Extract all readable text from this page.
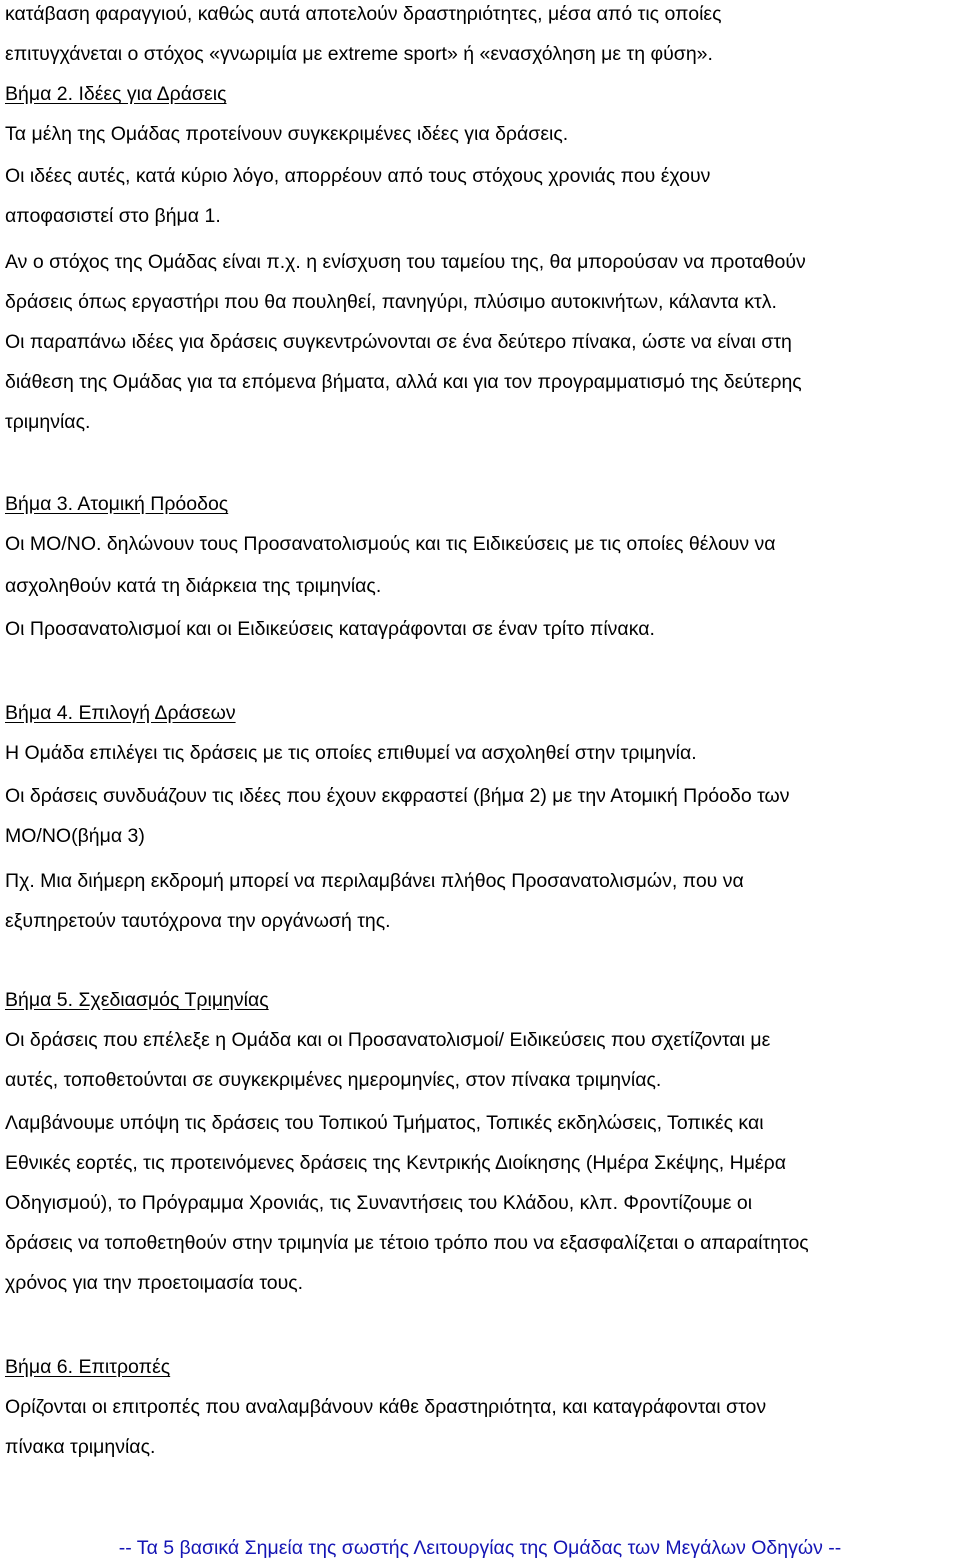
κατάβαση φαραγγιού, καθώς αυτά αποτελούν δραστηριότητες, μέσα από τις οποίες
επιτυγχάνεται ο στόχος «γνωριμία με extreme sport» ή «ενασχόληση με τη φύση».
Βήμα 2. Ιδέες για Δράσεις
Τα μέλη της Ομάδας προτείνουν συγκεκριμένες ιδέες για δράσεις.
Οι ιδέες αυτές, κατά κύριο λόγο, απορρέουν από τους στόχους χρονιάς που έχουν
αποφασιστεί στο βήμα 1.
Αν ο στόχος της Ομάδας είναι π.χ. η ενίσχυση του ταμείου της, θα μπορούσαν να προταθούν
δράσεις όπως εργαστήρι που θα πουληθεί, πανηγύρι, πλύσιμο αυτοκινήτων, κάλαντα κτλ.
Οι παραπάνω ιδέες για δράσεις συγκεντρώνονται σε ένα δεύτερο πίνακα, ώστε να είναι στη
διάθεση της Ομάδας για τα επόμενα βήματα, αλλά και για τον προγραμματισμό της δεύτερης
τριμηνίας.
Βήμα 3. Ατομική Πρόοδος
Οι ΜΟ/ΝΟ. δηλώνουν τους Προσανατολισμούς και τις Ειδικεύσεις με τις οποίες θέλουν να
ασχοληθούν κατά τη διάρκεια της τριμηνίας.
Οι Προσανατολισμοί και οι Ειδικεύσεις καταγράφονται σε έναν τρίτο πίνακα.
Βήμα 4. Επιλογή Δράσεων
Η Ομάδα επιλέγει τις δράσεις με τις οποίες επιθυμεί να ασχοληθεί στην τριμηνία.
Οι δράσεις συνδυάζουν τις ιδέες που έχουν εκφραστεί (βήμα 2) με την Ατομική Πρόοδο των
ΜΟ/ΝΟ(βήμα 3)
Πχ. Μια διήμερη εκδρομή μπορεί να περιλαμβάνει πλήθος Προσανατολισμών, που να
εξυπηρετούν ταυτόχρονα την οργάνωσή της.
Βήμα 5. Σχεδιασμός Τριμηνίας
Οι δράσεις που επέλεξε η Ομάδα και οι Προσανατολισμοί/ Ειδικεύσεις που σχετίζονται με
αυτές, τοποθετούνται σε συγκεκριμένες ημερομηνίες, στον πίνακα τριμηνίας.
Λαμβάνουμε υπόψη τις δράσεις του Τοπικού Τμήματος, Τοπικές εκδηλώσεις, Τοπικές και
Εθνικές εορτές, τις προτεινόμενες δράσεις της Κεντρικής Διοίκησης (Ημέρα Σκέψης, Ημέρα
Οδηγισμού), το Πρόγραμμα Χρονιάς, τις Συναντήσεις του Κλάδου, κλπ. Φροντίζουμε οι
δράσεις να τοποθετηθούν στην τριμηνία με τέτοιο τρόπο που να εξασφαλίζεται ο απαραίτητος
χρόνος για την προετοιμασία τους.
Βήμα 6. Επιτροπές
Ορίζονται οι επιτροπές που αναλαμβάνουν κάθε δραστηριότητα, και καταγράφονται στον
πίνακα τριμηνίας.
-- Τα 5 βασικά Σημεία της σωστής Λειτουργίας της Ομάδας των Μεγάλων Οδηγών --
